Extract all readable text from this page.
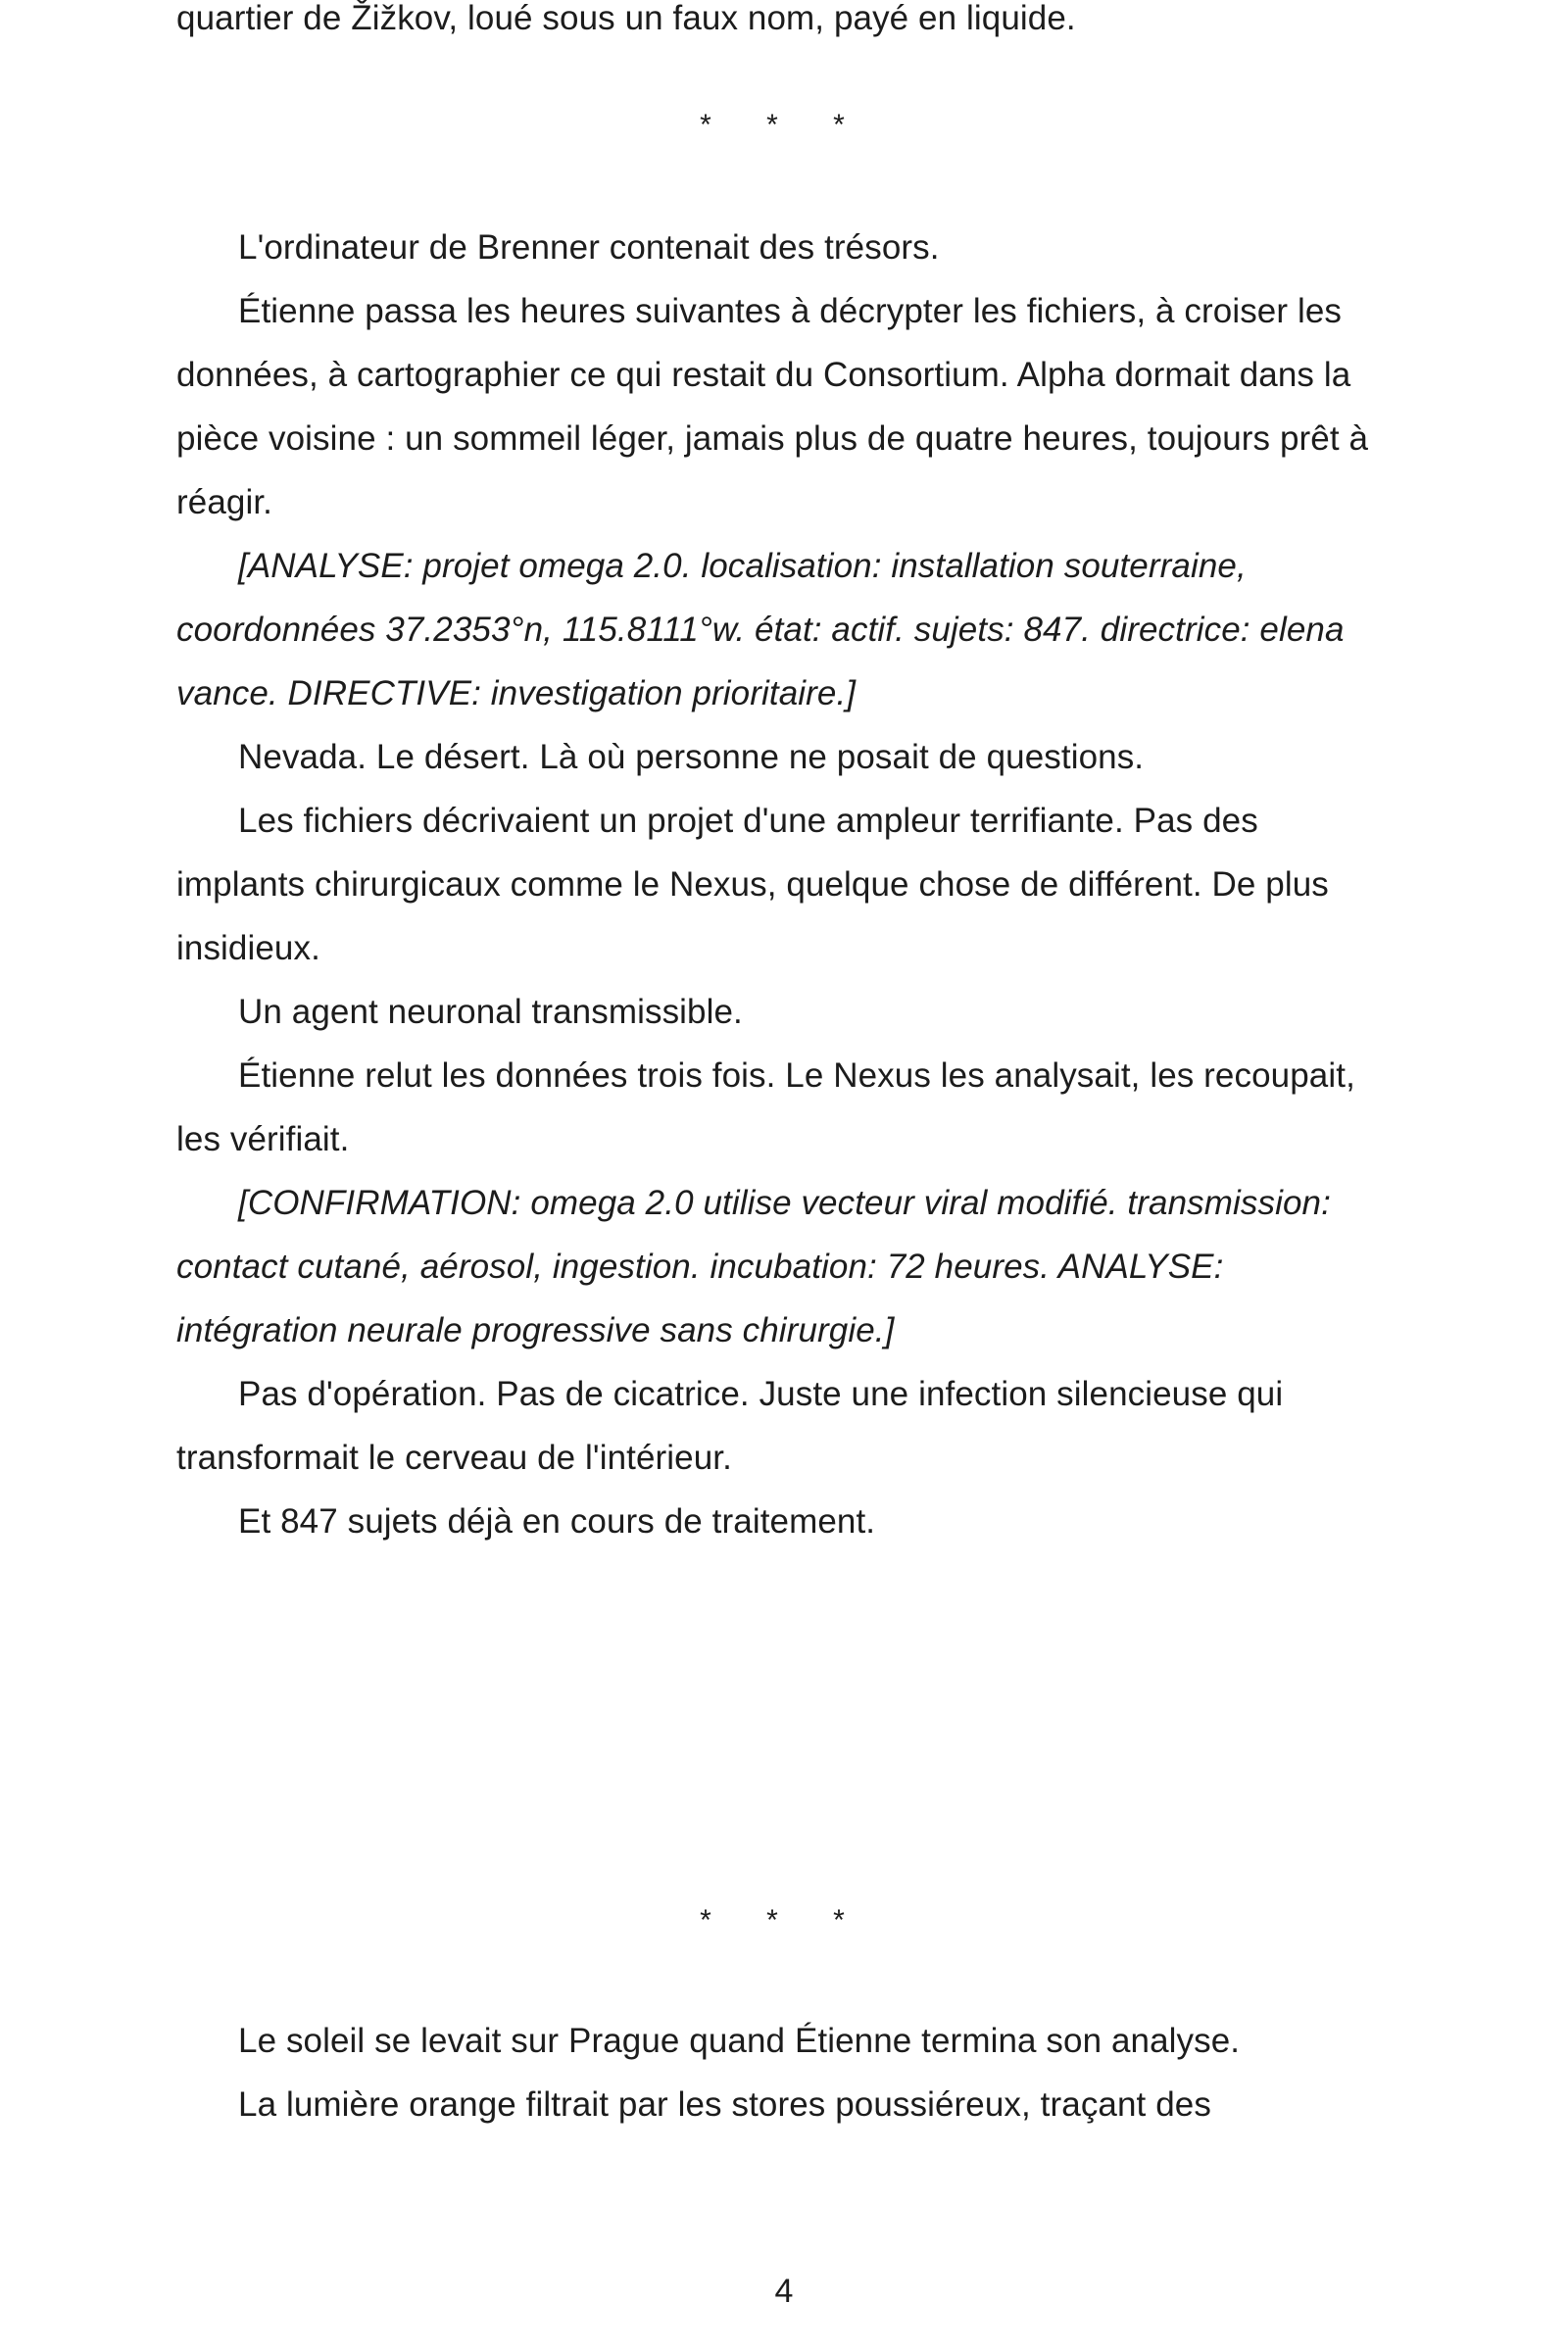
quartier de Žižkov, loué sous un faux nom, payé en liquide.

* * *

L'ordinateur de Brenner contenait des trésors.

Étienne passa les heures suivantes à décrypter les fichiers, à croiser les données, à cartographier ce qui restait du Consortium. Alpha dormait dans la pièce voisine : un sommeil léger, jamais plus de quatre heures, toujours prêt à réagir.

[ANALYSE: projet omega 2.0. localisation: installation souterraine, coordonnées 37.2353°n, 115.8111°w. état: actif. sujets: 847. directrice: elena vance. DIRECTIVE: investigation prioritaire.]

Nevada. Le désert. Là où personne ne posait de questions.

Les fichiers décrivaient un projet d'une ampleur terrifiante. Pas des implants chirurgicaux comme le Nexus, quelque chose de différent. De plus insidieux.

Un agent neuronal transmissible.

Étienne relut les données trois fois. Le Nexus les analysait, les recoupait, les vérifiait.

[CONFIRMATION: omega 2.0 utilise vecteur viral modifié. transmission: contact cutané, aérosol, ingestion. incubation: 72 heures. ANALYSE: intégration neurale progressive sans chirurgie.]

Pas d'opération. Pas de cicatrice. Juste une infection silencieuse qui transformait le cerveau de l'intérieur.

Et 847 sujets déjà en cours de traitement.

* * *

Le soleil se levait sur Prague quand Étienne termina son analyse.

La lumière orange filtrait par les stores poussiéreux, traçant des

4
